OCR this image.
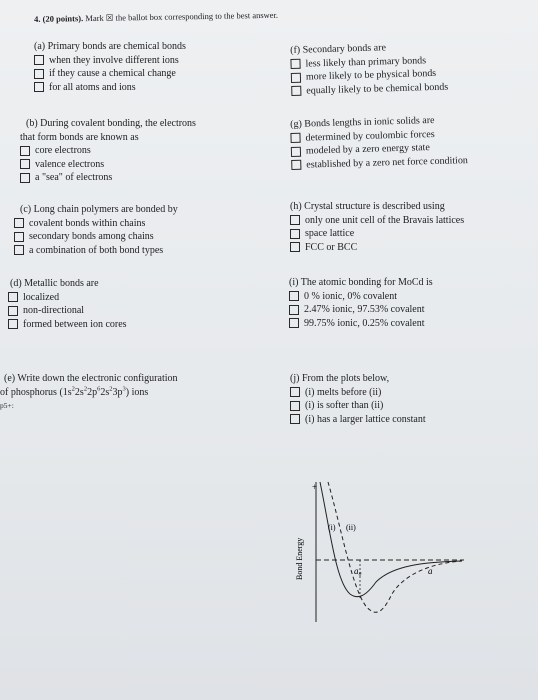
4. (20 points). Mark ☒ the ballot box corresponding to the best answer.
(a) Primary bonds are chemical bonds
when they involve different ions
if they cause a chemical change
for all atoms and ions
(f) Secondary bonds are
less likely than primary bonds
more likely to be physical bonds
equally likely to be chemical bonds
(b) During covalent bonding, the electrons
that form bonds are known as
core electrons
valence electrons
a "sea" of electrons
(g) Bonds lengths in ionic solids are
determined by coulombic forces
modeled by a zero energy state
established by a zero net force condition
(c) Long chain polymers are bonded by
covalent bonds within chains
secondary bonds among chains
a combination of both bond types
(h) Crystal structure is described using
only one unit cell of the Bravais lattices
space lattice
FCC or BCC
(d) Metallic bonds are
localized
non-directional
formed between ion cores
(i) The atomic bonding for MoCd is
0 % ionic, 0% covalent
2.47% ionic, 97.53% covalent
99.75% ionic, 0.25% covalent
(e) Write down the electronic configuration
of phosphorus $(1s^22s^22p^62s^23p^3)$ ions
p5+:
(j) From the plots below,
(i) melts before (ii)
(i) is softer than (ii)
(i) has a larger lattice constant
+
Bond Energy
(i) (ii)
a₀	a
